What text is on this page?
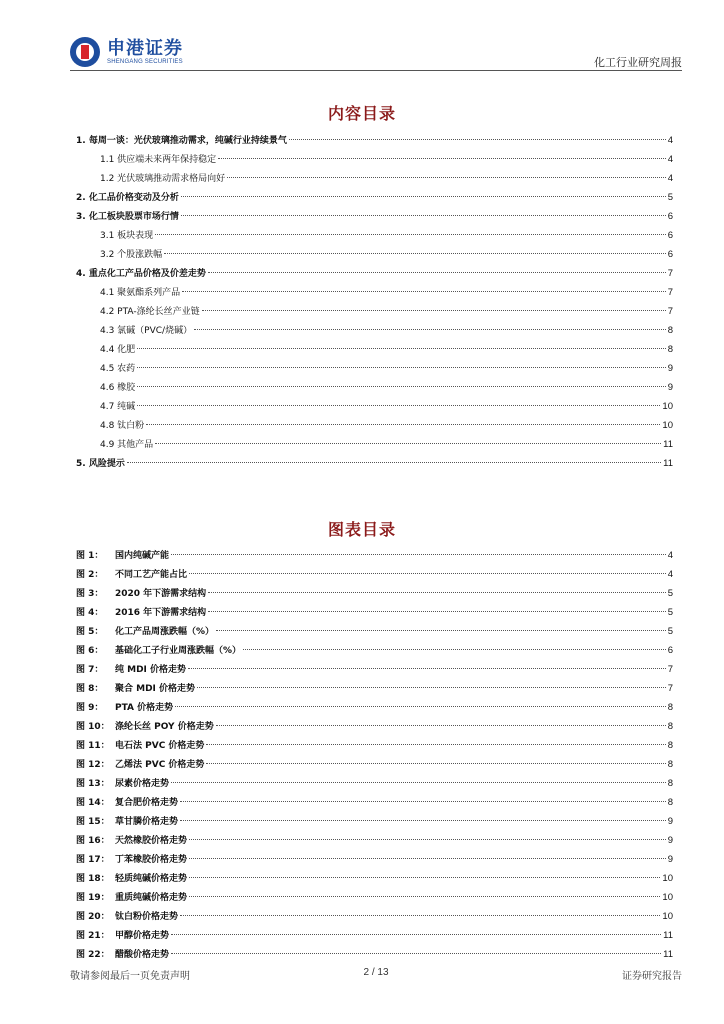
申港证券
SHENGANG SECURITIES	化工行业研究周报
内容目录
1. 每周一谈：光伏玻璃推动需求，纯碱行业持续景气	4
1.1 供应端未来两年保持稳定	4
1.2 光伏玻璃推动需求格局向好	4
2. 化工品价格变动及分析	5
3. 化工板块股票市场行情	6
3.1 板块表现	6
3.2 个股涨跌幅	6
4. 重点化工产品价格及价差走势	7
4.1 聚氨酯系列产品	7
4.2 PTA-涤纶长丝产业链	7
4.3 氯碱（PVC/烧碱）	8
4.4 化肥	8
4.5 农药	9
4.6 橡胶	9
4.7 纯碱	10
4.8 钛白粉	10
4.9 其他产品	11
5. 风险提示	11
图表目录
图 1： 国内纯碱产能	4
图 2： 不同工艺产能占比	4
图 3： 2020 年下游需求结构	5
图 4： 2016 年下游需求结构	5
图 5： 化工产品周涨跌幅（%）	5
图 6： 基础化工子行业周涨跌幅（%）	6
图 7： 纯 MDI 价格走势	7
图 8： 聚合 MDI 价格走势	7
图 9： PTA 价格走势	8
图 10： 涤纶长丝 POY 价格走势	8
图 11： 电石法 PVC 价格走势	8
图 12： 乙烯法 PVC 价格走势	8
图 13： 尿素价格走势	8
图 14： 复合肥价格走势	8
图 15： 草甘膦价格走势	9
图 16： 天然橡胶价格走势	9
图 17： 丁苯橡胶价格走势	9
图 18： 轻质纯碱价格走势	10
图 19： 重质纯碱价格走势	10
图 20： 钛白粉价格走势	10
图 21： 甲醇价格走势	11
图 22： 醋酸价格走势	11
敬请参阅最后一页免责声明	2 / 13	证券研究报告
